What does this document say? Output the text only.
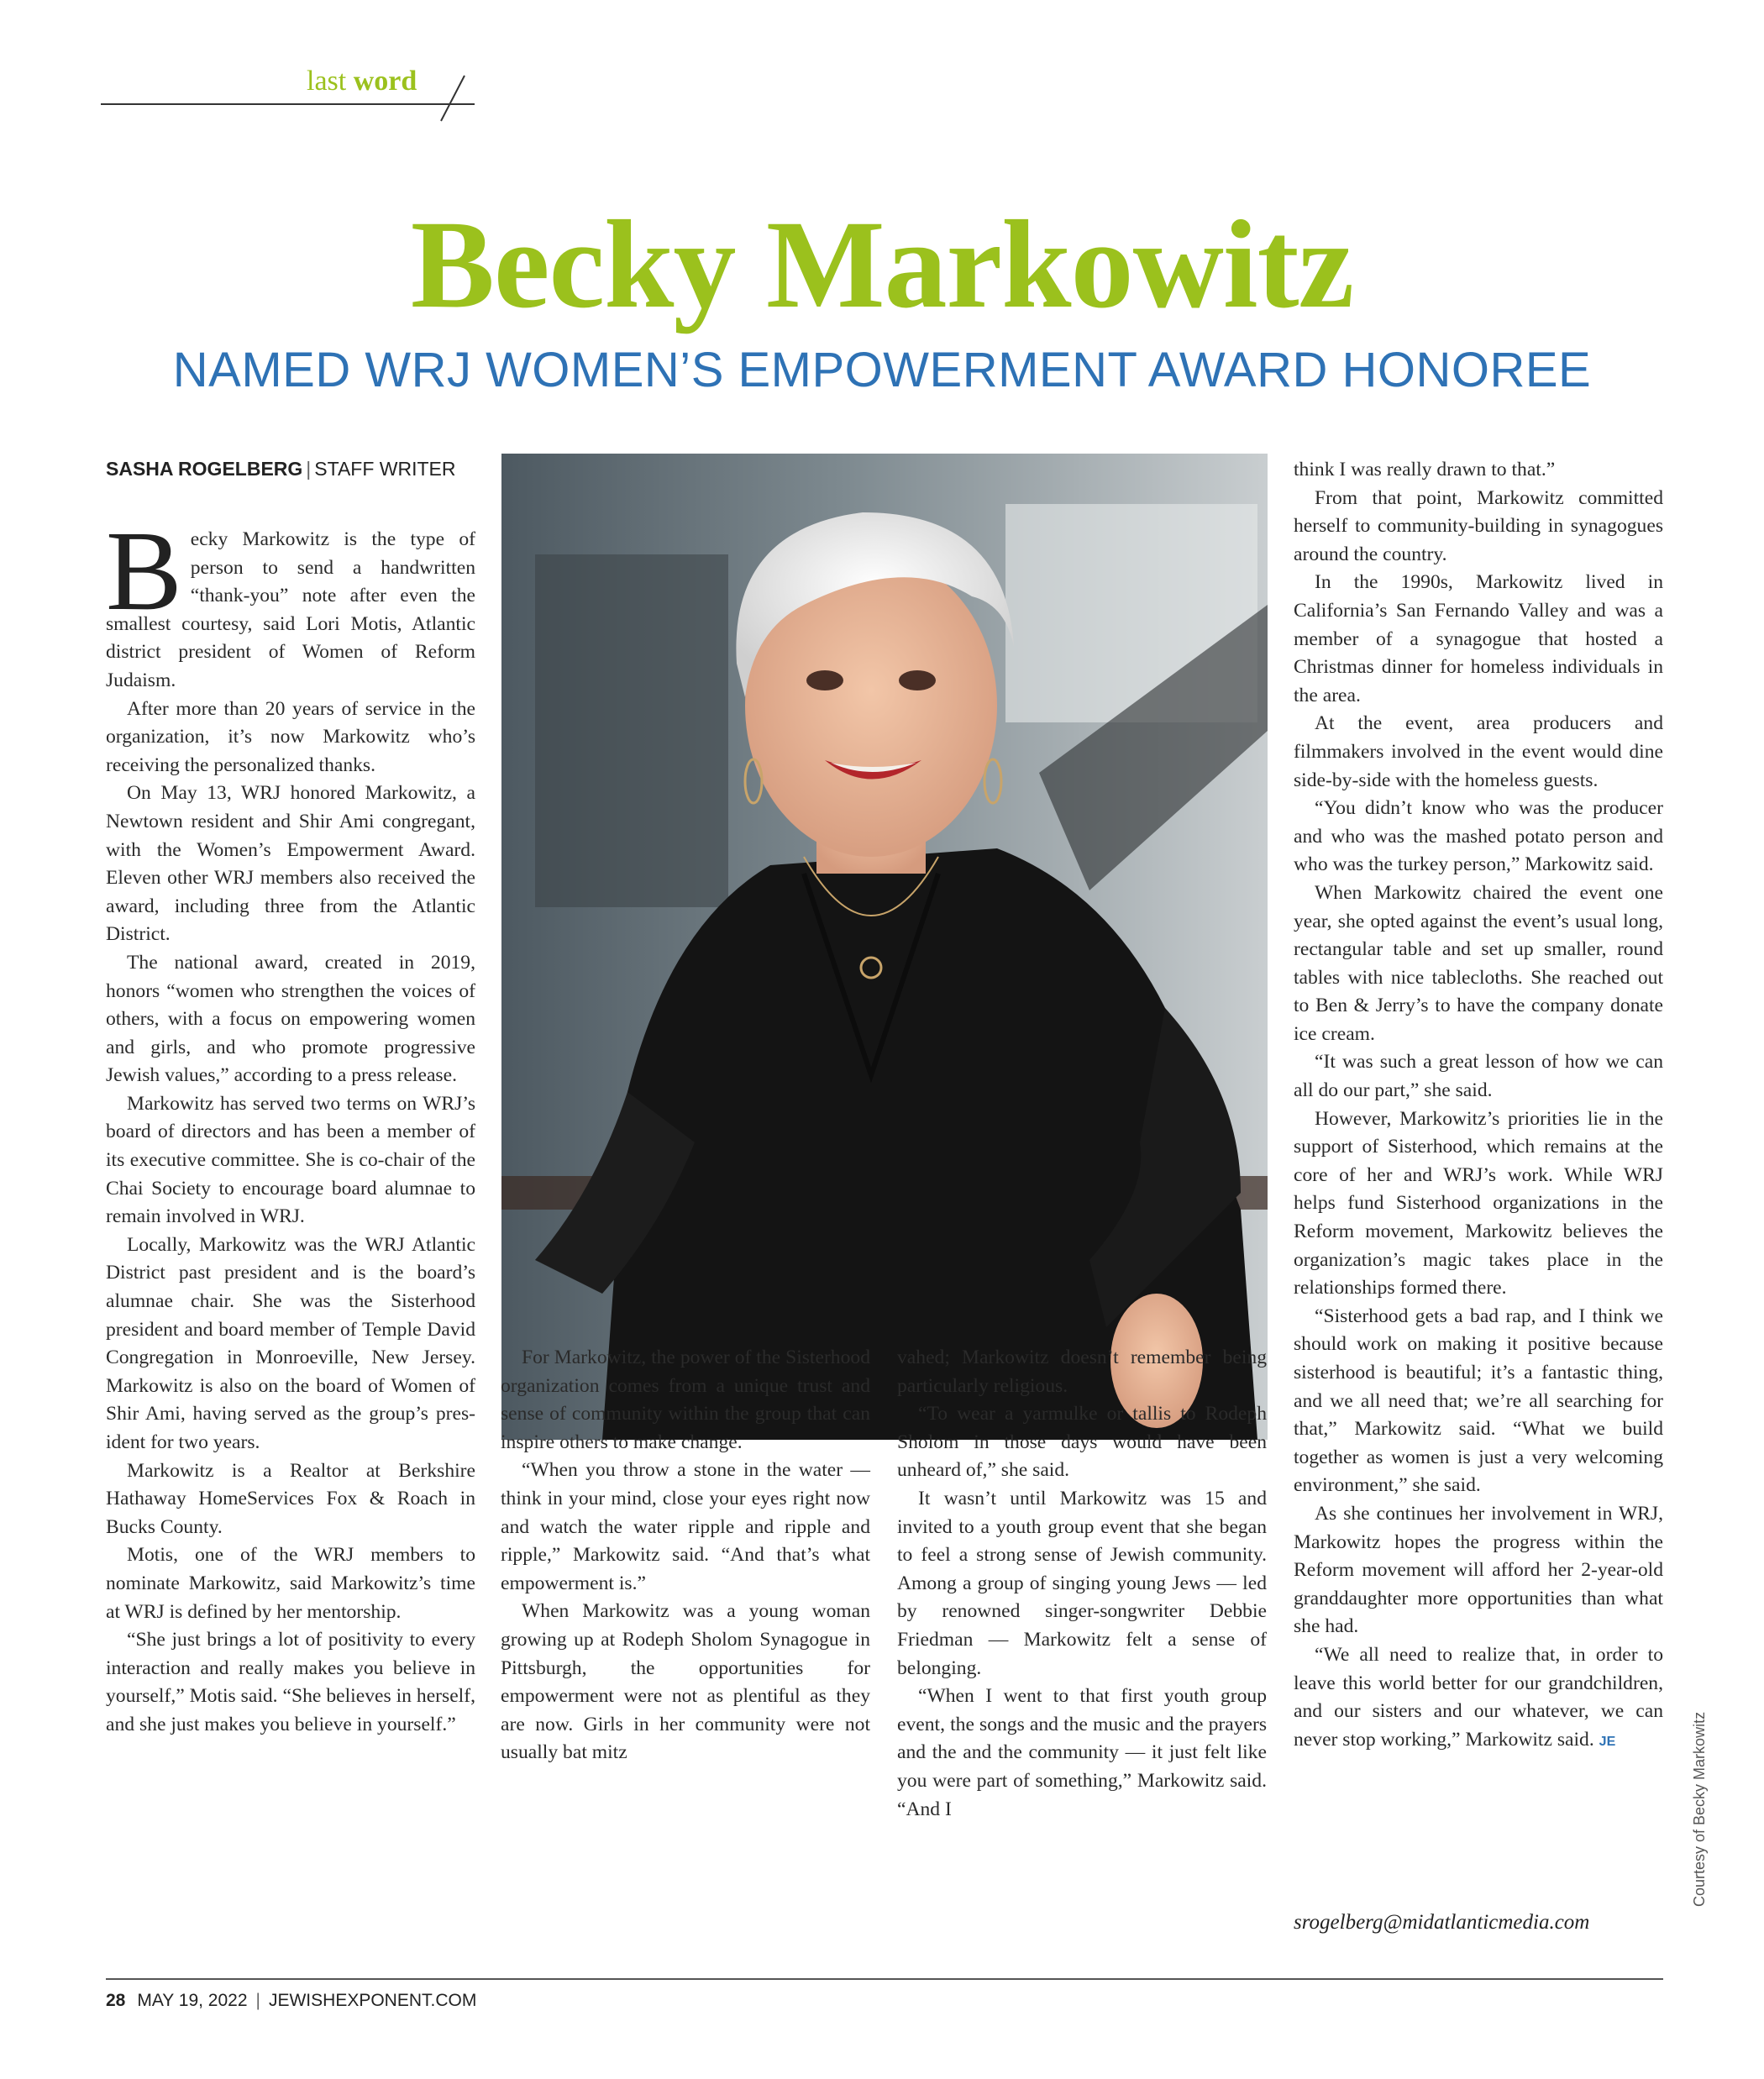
last word
Becky Markowitz
NAMED WRJ WOMEN’S EMPOWERMENT AWARD HONOREE
SASHA ROGELBERG | STAFF WRITER

Becky Markowitz is the type of person to send a handwritten “thank-you” note after even the smallest courtesy, said Lori Motis, Atlantic district president of Women of Reform Judaism.

After more than 20 years of service in the organization, it’s now Markowitz who’s receiving the personalized thanks.

On May 13, WRJ honored Markowitz, a Newtown resident and Shir Ami congregant, with the Women’s Empowerment Award. Eleven other WRJ members also received the award, including three from the Atlantic District.

The national award, created in 2019, honors “women who strengthen the voices of others, with a focus on empowering women and girls, and who promote progressive Jewish values,” according to a press release.

Markowitz has served two terms on WRJ’s board of directors and has been a member of its executive committee. She is co-chair of the Chai Society to encourage board alumnae to remain involved in WRJ.

Locally, Markowitz was the WRJ Atlantic District past president and is the board’s alumnae chair. She was the Sisterhood president and board member of Temple David Congregation in Monroeville, New Jersey. Markowitz is also on the board of Women of Shir Ami, having served as the group’s president for two years.

Markowitz is a Realtor at Berkshire Hathaway HomeServices Fox & Roach in Bucks County.

Motis, one of the WRJ members to nominate Markowitz, said Markowitz’s time at WRJ is defined by her mentorship.

“She just brings a lot of positivity to every interaction and really makes you believe in yourself,” Motis said. “She believes in herself, and she just makes you believe in yourself.”

For Markowitz, the power of the Sisterhood organization comes from a unique trust and sense of community within the group that can inspire others to make change.

“When you throw a stone in the water — think in your mind, close your eyes right now and watch the water ripple and ripple and ripple,” Markowitz said. “And that’s what empowerment is.”

When Markowitz was a young woman growing up at Rodeph Sholom Synagogue in Pittsburgh, the opportunities for empowerment were not as plentiful as they are now. Girls in her community were not usually bat mitz

vahed; Markowitz doesn’t remember being particularly religious.

“To wear a yarmulke or tallis to Rodeph Sholom in those days would have been unheard of,” she said.

It wasn’t until Markowitz was 15 and invited to a youth group event that she began to feel a strong sense of Jewish community. Among a group of singing young Jews — led by renowned singer-songwriter Debbie Friedman — Markowitz felt a sense of belonging.

“When I went to that first youth group event, the songs and the music and the prayers and the and the community — it just felt like you were part of something,” Markowitz said. “And I

think I was really drawn to that.”

From that point, Markowitz committed herself to community-building in synagogues around the country.

In the 1990s, Markowitz lived in California’s San Fernando Valley and was a member of a synagogue that hosted a Christmas dinner for homeless individuals in the area.

At the event, area producers and filmmakers involved in the event would dine side-by-side with the homeless guests.

“You didn’t know who was the producer and who was the mashed potato person and who was the turkey person,” Markowitz said.

When Markowitz chaired the event one year, she opted against the event’s usual long, rectangular table and set up smaller, round tables with nice tablecloths. She reached out to Ben & Jerry’s to have the company donate ice cream.

“It was such a great lesson of how we can all do our part,” she said.

However, Markowitz’s priorities lie in the support of Sisterhood, which remains at the core of her and WRJ’s work. While WRJ helps fund Sisterhood organizations in the Reform movement, Markowitz believes the organization’s magic takes place in the relationships formed there.

“Sisterhood gets a bad rap, and I think we should work on making it positive because sisterhood is beautiful; it’s a fantastic thing, and we all need that; we’re all searching for that,” Markowitz said. “What we build together as women is just a very welcoming environment,” she said.

As she continues her involvement in WRJ, Markowitz hopes the progress within the Reform movement will afford her 2-year-old granddaughter more opportunities than what she had.

“We all need to realize that, in order to leave this world better for our grandchildren, and our sisters and our whatever, we can never stop working,” Markowitz said. JE

srogelberg@midatlanticmedia.com
Courtesy of Becky Markowitz
28 MAY 19, 2022 | JEWISHEXPONENT.COM
